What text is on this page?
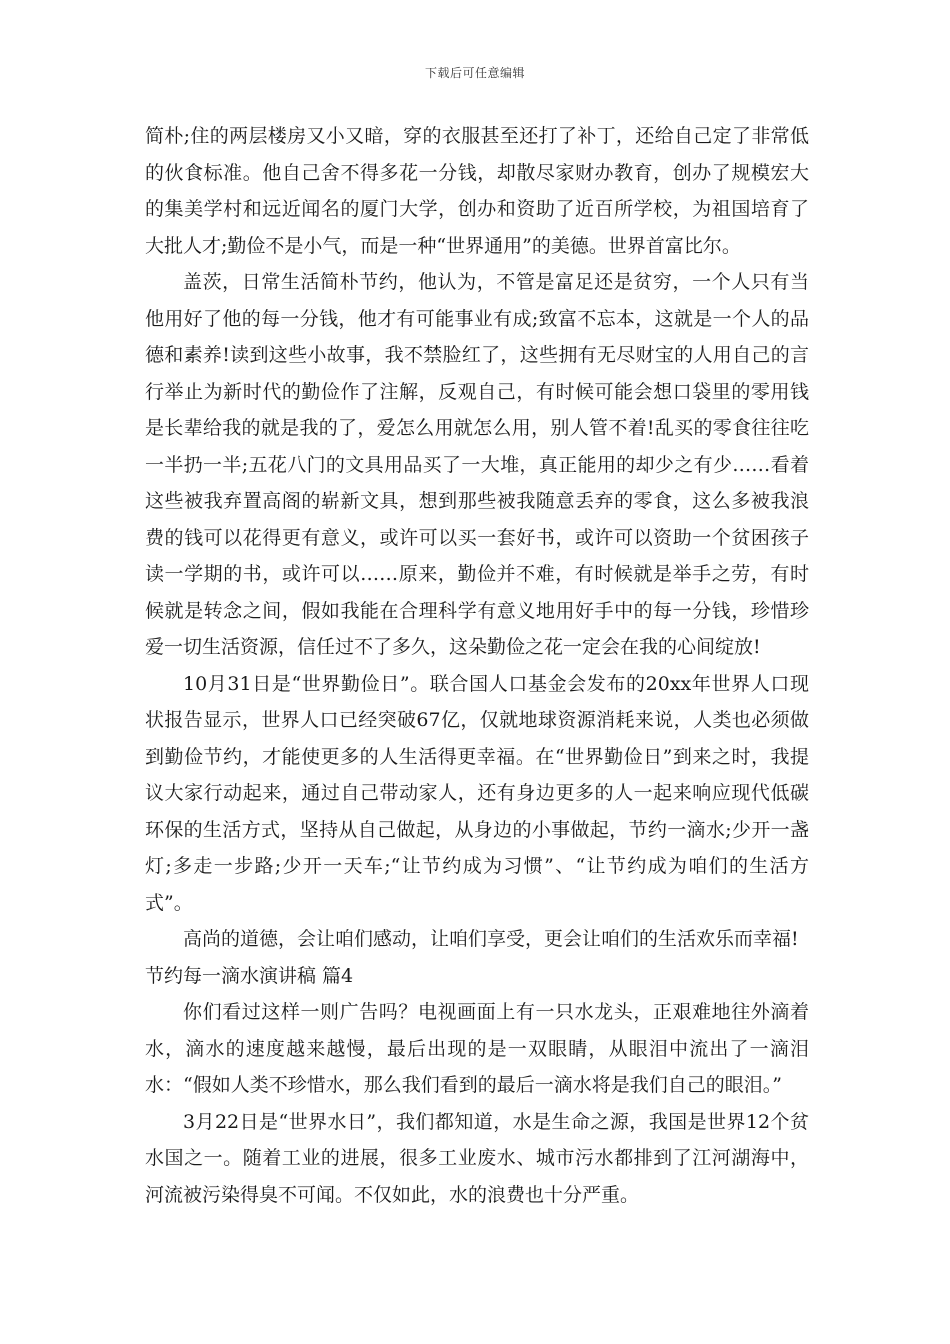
下载后可任意编辑

简朴;住的两层楼房又小又暗，穿的衣服甚至还打了补丁，还给自己定了非常低的伙食标准。他自己舍不得多花一分钱，却散尽家财办教育，创办了规模宏大的集美学村和远近闻名的厦门大学，创办和资助了近百所学校，为祖国培育了大批人才;勤俭不是小气，而是一种“世界通用”的美德。世界首富比尔。

盖茨，日常生活简朴节约，他认为，不管是富足还是贫穷，一个人只有当他用好了他的每一分钱，他才有可能事业有成;致富不忘本，这就是一个人的品德和素养!读到这些小故事，我不禁脸红了，这些拥有无尽财宝的人用自己的言行举止为新时代的勤俭作了注解，反观自己，有时候可能会想口袋里的零用钱是长辈给我的就是我的了，爱怎么用就怎么用，别人管不着!乱买的零食往往吃一半扔一半;五花八门的文具用品买了一大堆，真正能用的却少之有少……看着这些被我弃置高阁的崭新文具，想到那些被我随意丢弃的零食，这么多被我浪费的钱可以花得更有意义，或许可以买一套好书，或许可以资助一个贫困孩子读一学期的书，或许可以……原来，勤俭并不难，有时候就是举手之劳，有时候就是转念之间，假如我能在合理科学有意义地用好手中的每一分钱，珍惜珍爱一切生活资源，信任过不了多久，这朵勤俭之花一定会在我的心间绽放!

10月31日是“世界勤俭日”。联合国人口基金会发布的20xx年世界人口现状报告显示，世界人口已经突破67亿，仅就地球资源消耗来说，人类也必须做到勤俭节约，才能使更多的人生活得更幸福。在“世界勤俭日”到来之时，我提议大家行动起来，通过自己带动家人，还有身边更多的人一起来响应现代低碳环保的生活方式，坚持从自己做起，从身边的小事做起，节约一滴水;少开一盏灯;多走一步路;少开一天车;“让节约成为习惯”、“让节约成为咱们的生活方式”。

高尚的道德，会让咱们感动，让咱们享受，更会让咱们的生活欢乐而幸福!

节约每一滴水演讲稿 篇4

你们看过这样一则广告吗？电视画面上有一只水龙头，正艰难地往外滴着水，滴水的速度越来越慢，最后出现的是一双眼睛，从眼泪中流出了一滴泪水：“假如人类不珍惜水，那么我们看到的最后一滴水将是我们自己的眼泪。”

3月22日是“世界水日”，我们都知道，水是生命之源，我国是世界12个贫水国之一。随着工业的进展，很多工业废水、城市污水都排到了江河湖海中，河流被污染得臭不可闻。不仅如此，水的浪费也十分严重。
